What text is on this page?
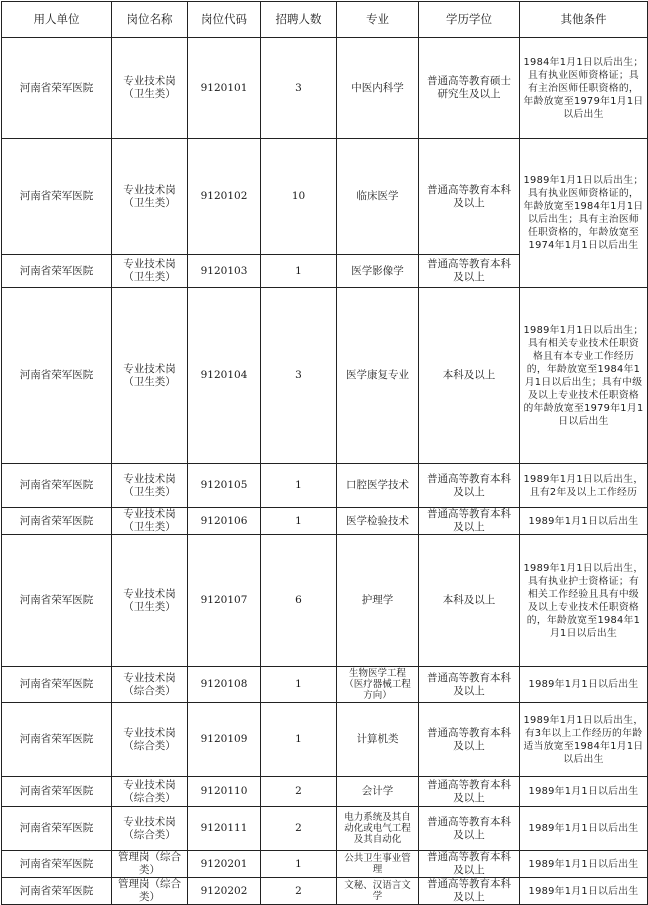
用人单位	岗位名称	岗位代码	招聘人数	专业	学历学位	其他条件
河南省荣军医院	专业技术岗（卫生类）	9120101	3	中医内科学	普通高等教育硕士研究生及以上	1984年1月1日以后出生；且有执业医师资格证；具有主治医师任职资格的，年龄放宽至1979年1月1日以后出生
河南省荣军医院	专业技术岗（卫生类）	9120102	10	临床医学	普通高等教育本科及以上	1989年1月1日以后出生；具有执业医师资格证的，年龄放宽至1984年1月1日以后出生；具有主治医师任职资格的，年龄放宽至1974年1月1日以后出生
河南省荣军医院	专业技术岗（卫生类）	9120103	1	医学影像学	普通高等教育本科及以上	
河南省荣军医院	专业技术岗（卫生类）	9120104	3	医学康复专业	本科及以上	1989年1月1日以后出生；具有相关专业技术任职资格且有本专业工作经历的，年龄放宽至1984年1月1日以后出生；具有中级及以上专业技术任职资格的年龄放宽至1979年1月1日以后出生
河南省荣军医院	专业技术岗（卫生类）	9120105	1	口腔医学技术	普通高等教育本科及以上	1989年1月1日以后出生，且有2年及以上工作经历
河南省荣军医院	专业技术岗（卫生类）	9120106	1	医学检验技术	普通高等教育本科及以上	1989年1月1日以后出生
河南省荣军医院	专业技术岗（卫生类）	9120107	6	护理学	本科及以上	1989年1月1日以后出生，具有执业护士资格证；有相关工作经验且具有中级及以上专业技术任职资格的，年龄放宽至1984年1月1日以后出生
河南省荣军医院	专业技术岗（综合类）	9120108	1	生物医学工程（医疗器械工程方向）	普通高等教育本科及以上	1989年1月1日以后出生
河南省荣军医院	专业技术岗（综合类）	9120109	1	计算机类	普通高等教育本科及以上	1989年1月1日以后出生，有3年以上工作经历的年龄适当放宽至1984年1月1日以后出生
河南省荣军医院	专业技术岗（综合类）	9120110	2	会计学	普通高等教育本科及以上	1989年1月1日以后出生
河南省荣军医院	专业技术岗（综合类）	9120111	2	电力系统及其自动化或电气工程及其自动化	普通高等教育本科及以上	1989年1月1日以后出生
河南省荣军医院	管理岗（综合类）	9120201	1	公共卫生事业管理	普通高等教育本科及以上	1989年1月1日以后出生
河南省荣军医院	管理岗（综合类）	9120202	2	文秘、汉语言文学	普通高等教育本科及以上	1989年1月1日以后出生
